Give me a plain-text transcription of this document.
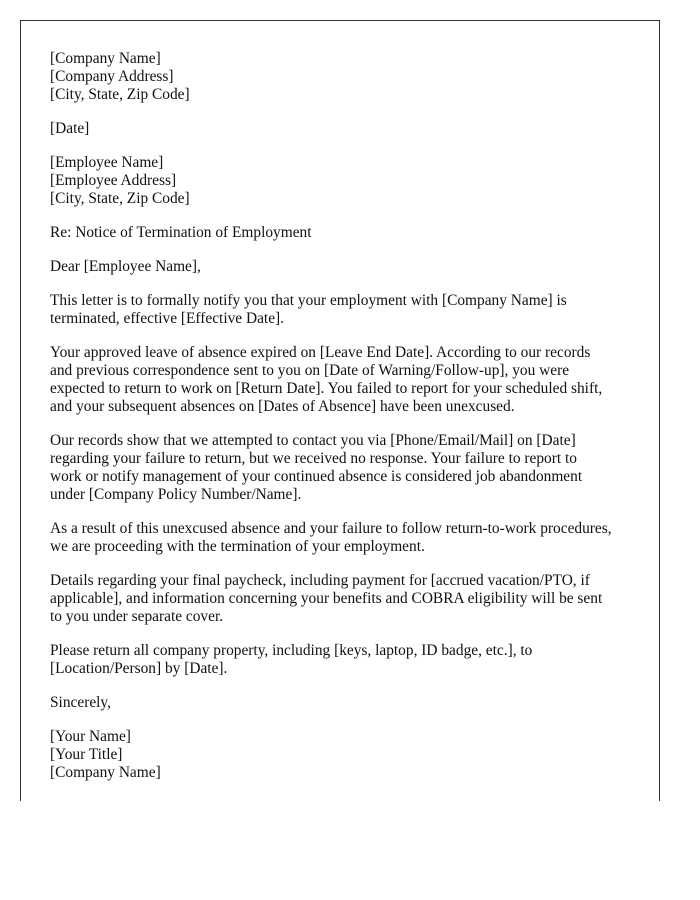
[Company Name]
[Company Address]
[City, State, Zip Code]
[Date]
[Employee Name]
[Employee Address]
[City, State, Zip Code]
Re: Notice of Termination of Employment
Dear [Employee Name],
This letter is to formally notify you that your employment with [Company Name] is
terminated, effective [Effective Date].
Your approved leave of absence expired on [Leave End Date]. According to our records
and previous correspondence sent to you on [Date of Warning/Follow-up], you were
expected to return to work on [Return Date]. You failed to report for your scheduled shift,
and your subsequent absences on [Dates of Absence] have been unexcused.
Our records show that we attempted to contact you via [Phone/Email/Mail] on [Date]
regarding your failure to return, but we received no response. Your failure to report to
work or notify management of your continued absence is considered job abandonment
under [Company Policy Number/Name].
As a result of this unexcused absence and your failure to follow return-to-work procedures,
we are proceeding with the termination of your employment.
Details regarding your final paycheck, including payment for [accrued vacation/PTO, if
applicable], and information concerning your benefits and COBRA eligibility will be sent
to you under separate cover.
Please return all company property, including [keys, laptop, ID badge, etc.], to
[Location/Person] by [Date].
Sincerely,
[Your Name]
[Your Title]
[Company Name]
